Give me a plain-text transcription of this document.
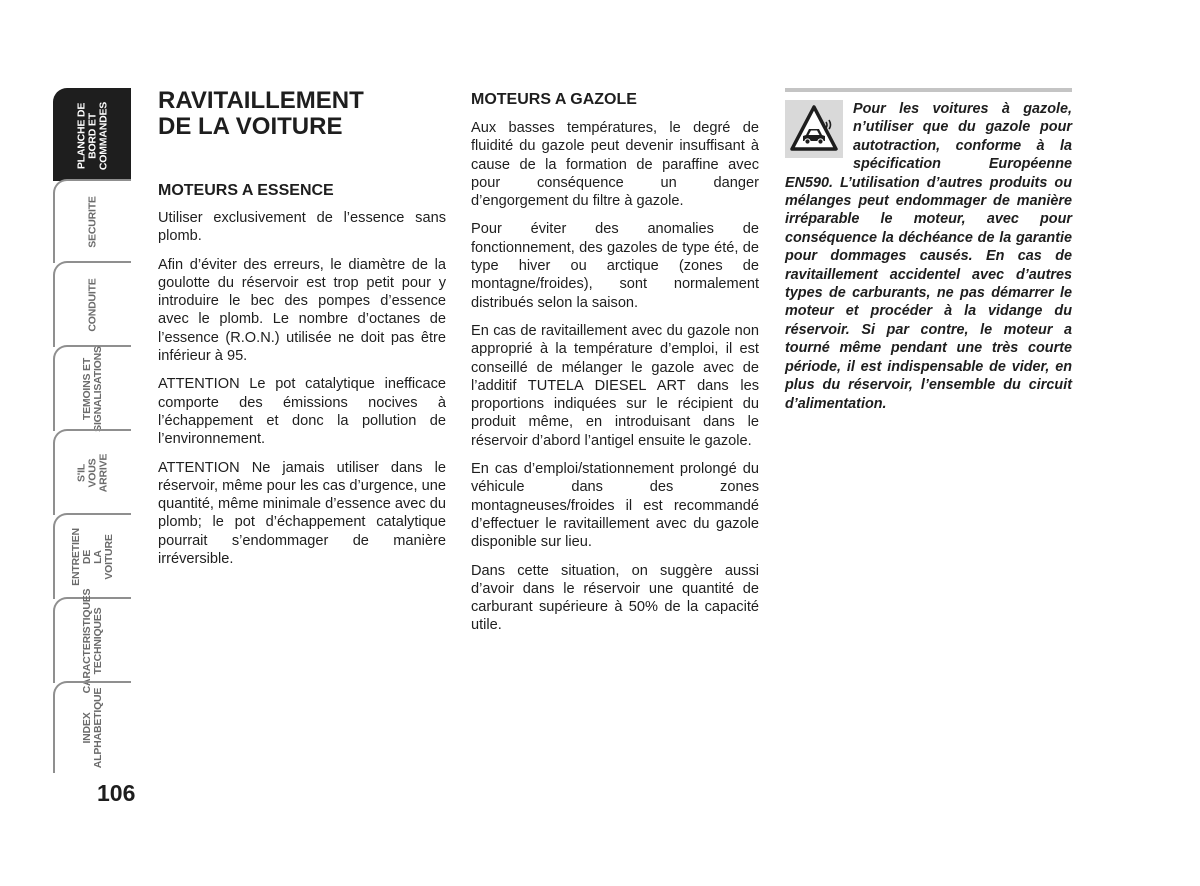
PLANCHE DE
BORD ET
COMMANDES
SECURITE
CONDUITE
TEMOINS ET
SIGNALISATIONS
S'IL VOUS
ARRIVE
ENTRETIEN DE
LA VOITURE
CARACTERISTIQUES
TECHNIQUES
INDEX
ALPHABETIQUE
106
RAVITAILLEMENT
DE LA VOITURE
MOTEURS A ESSENCE

Utiliser exclusivement de l’essence sans plomb.

Afin d’éviter des erreurs, le diamètre de la goulotte du réservoir est trop petit pour y introduire le bec des pompes d’essence avec le plomb. Le nombre d’octanes de l’essence (R.O.N.) utilisée ne doit pas être inférieur à 95.

ATTENTION Le pot catalytique inefficace comporte des émissions nocives à l’échappement et donc la pollution de l’environnement.

ATTENTION Ne jamais utiliser dans le réservoir, même pour les cas d’urgence, une quantité, même minimale d’essence avec du plomb; le pot d’échappement catalytique pourrait s’endommager de manière irréversible.

MOTEURS A GAZOLE

Aux basses températures, le degré de fluidité du gazole peut devenir insuffisant à cause de la formation de paraffine avec pour conséquence un danger d’engorgement du filtre à gazole.

Pour éviter des anomalies de fonctionnement, des gazoles de type été, de type hiver ou arctique (zones de montagne/froides), sont normalement distribués selon la saison.

En cas de ravitaillement avec du gazole non approprié à la température d’emploi, il est conseillé de mélanger le gazole avec de l’additif TUTELA DIESEL ART dans les proportions indiquées sur le récipient du produit même, en introduisant dans le réservoir d’abord l’antigel ensuite le gazole.

En cas d’emploi/stationnement prolongé du véhicule dans des zones montagneuses/froides il est recommandé d’effectuer le ravitaillement avec du gazole disponible sur lieu.

Dans cette situation, on suggère aussi d’avoir dans le réservoir une quantité de carburant supérieure à 50% de la capacité utile.

Pour les voitures à gazole, n’utiliser que du gazole pour autotraction, conforme à la spécification Européenne EN590. L’utilisation d’autres produits ou mélanges peut endommager de manière irréparable le moteur, avec pour conséquence la déchéance de la garantie pour dommages causés. En cas de ravitaillement accidentel avec d’autres types de carburants, ne pas démarrer le moteur et procéder à la vidange du réservoir. Si par contre, le moteur a tourné même pendant une très courte période, il est indispensable de vider, en plus du réservoir, l’ensemble du circuit d’alimentation.
